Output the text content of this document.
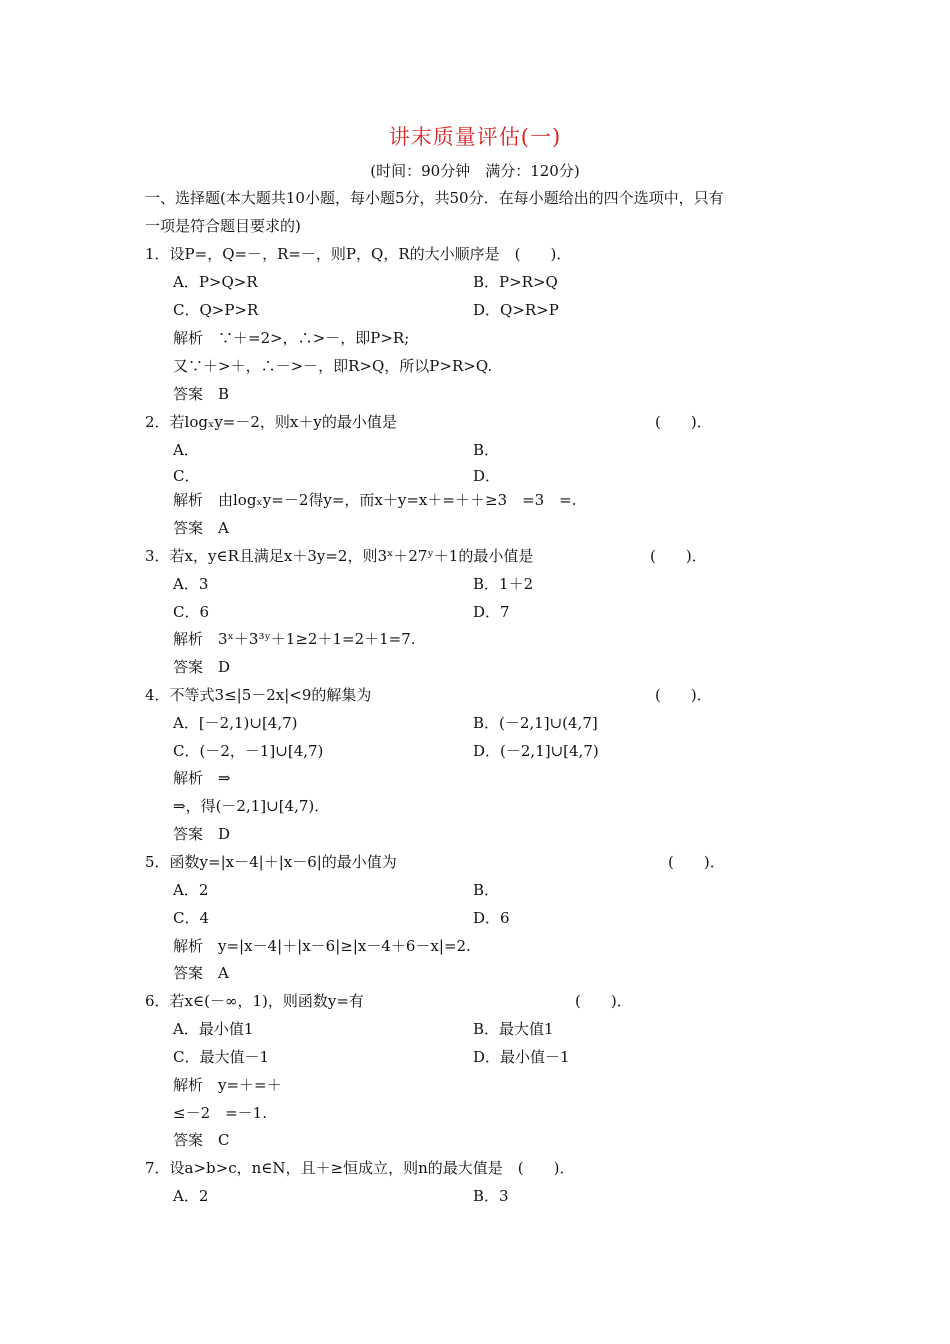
讲末质量评估(一)
(时间：90分钟　满分：120分)
一、选择题(本大题共10小题，每小题5分，共50分．在每小题给出的四个选项中，只有
一项是符合题目要求的)
1．设P=，Q=－，R=－，则P，Q，R的大小顺序是　(　　)．
A．P>Q>R	B．P>R>Q
C．Q>P>R	D．Q>R>P
解析　∵＋=2>，∴>－，即P>R;
又∵＋>＋，∴－>－，即R>Q，所以P>R>Q.
答案　B
2．若logₓy=－2，则x＋y的最小值是	(　　)．
A．	B．
C．	D．
解析　由logₓy=－2得y=，而x＋y=x＋=＋＋≥3　=3　=.
答案　A
3．若x，y∈R且满足x＋3y=2，则3ˣ＋27ʸ＋1的最小值是	(　　)．
A．3	B．1＋2
C．6	D．7
解析　3ˣ＋3³ʸ＋1≥2＋1=2＋1=7.
答案　D
4．不等式3≤|5－2x|<9的解集为	(　　)．
A．[－2,1)∪[4,7)	B．(－2,1]∪(4,7]
C．(－2，－1]∪[4,7)	D．(－2,1]∪[4,7)
解析　⇒
⇒，得(－2,1]∪[4,7)．
答案　D
5．函数y=|x－4|＋|x－6|的最小值为	(　　)．
A．2	B．
C．4	D．6
解析　y=|x－4|＋|x－6|≥|x－4＋6－x|=2.
答案　A
6．若x∈(－∞，1)，则函数y=有	(　　)．
A．最小值1	B．最大值1
C．最大值－1	D．最小值－1
解析　y=＋=＋
≤－2　=－1.
答案　C
7．设a>b>c，n∈N，且＋≥恒成立，则n的最大值是　(　　)．
A．2	B．3
